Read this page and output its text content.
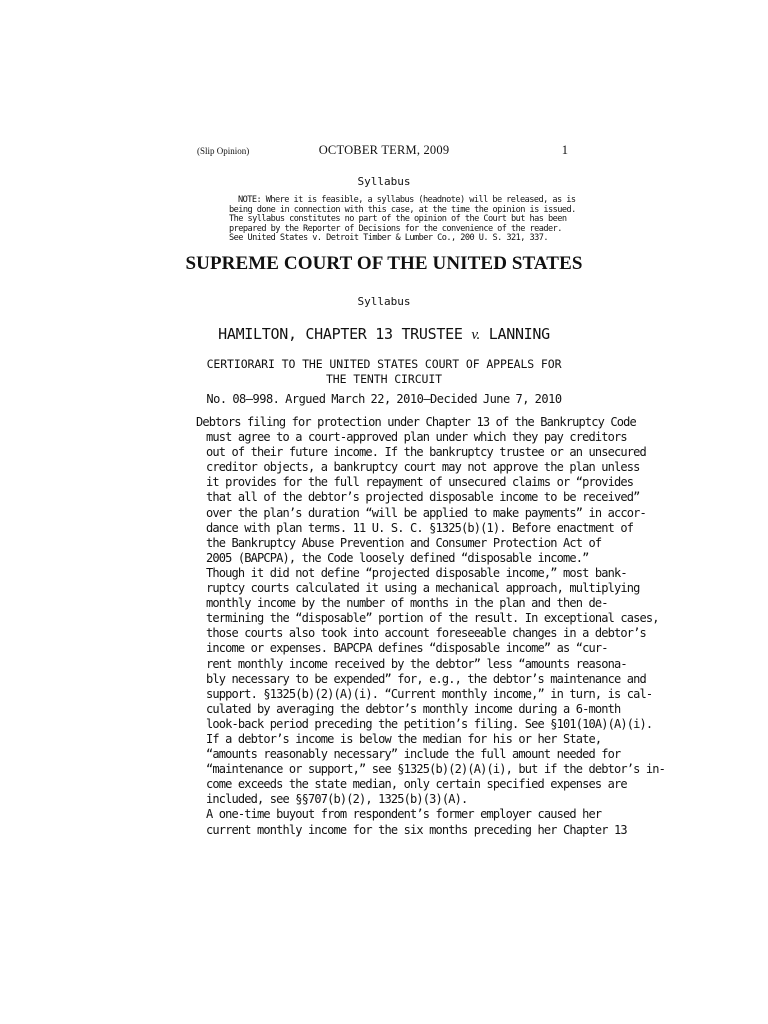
(Slip Opinion)	OCTOBER TERM, 2009	1
Syllabus
NOTE: Where it is feasible, a syllabus (headnote) will be released, as is
being done in connection with this case, at the time the opinion is issued.
The syllabus constitutes no part of the opinion of the Court but has been
prepared by the Reporter of Decisions for the convenience of the reader.
See United States v. Detroit Timber & Lumber Co., 200 U. S. 321, 337.
SUPREME COURT OF THE UNITED STATES
Syllabus
HAMILTON, CHAPTER 13 TRUSTEE v. LANNING
CERTIORARI TO THE UNITED STATES COURT OF APPEALS FOR
THE TENTH CIRCUIT
No. 08–998. Argued March 22, 2010—Decided June 7, 2010
Debtors filing for protection under Chapter 13 of the Bankruptcy Code
must agree to a court-approved plan under which they pay creditors
out of their future income. If the bankruptcy trustee or an unsecured
creditor objects, a bankruptcy court may not approve the plan unless
it provides for the full repayment of unsecured claims or “provides
that all of the debtor’s projected disposable income to be received”
over the plan’s duration “will be applied to make payments” in accor-
dance with plan terms. 11 U. S. C. §1325(b)(1). Before enactment of
the Bankruptcy Abuse Prevention and Consumer Protection Act of
2005 (BAPCPA), the Code loosely defined “disposable income.”
Though it did not define “projected disposable income,” most bank-
ruptcy courts calculated it using a mechanical approach, multiplying
monthly income by the number of months in the plan and then de-
termining the “disposable” portion of the result. In exceptional cases,
those courts also took into account foreseeable changes in a debtor’s
income or expenses. BAPCPA defines “disposable income” as “cur-
rent monthly income received by the debtor” less “amounts reasona-
bly necessary to be expended” for, e.g., the debtor’s maintenance and
support. §1325(b)(2)(A)(i). “Current monthly income,” in turn, is cal-
culated by averaging the debtor’s monthly income during a 6-month
look-back period preceding the petition’s filing. See §101(10A)(A)(i).
If a debtor’s income is below the median for his or her State,
“amounts reasonably necessary” include the full amount needed for
“maintenance or support,” see §1325(b)(2)(A)(i), but if the debtor’s in-
come exceeds the state median, only certain specified expenses are
included, see §§707(b)(2), 1325(b)(3)(A).
A one-time buyout from respondent’s former employer caused her
current monthly income for the six months preceding her Chapter 13
